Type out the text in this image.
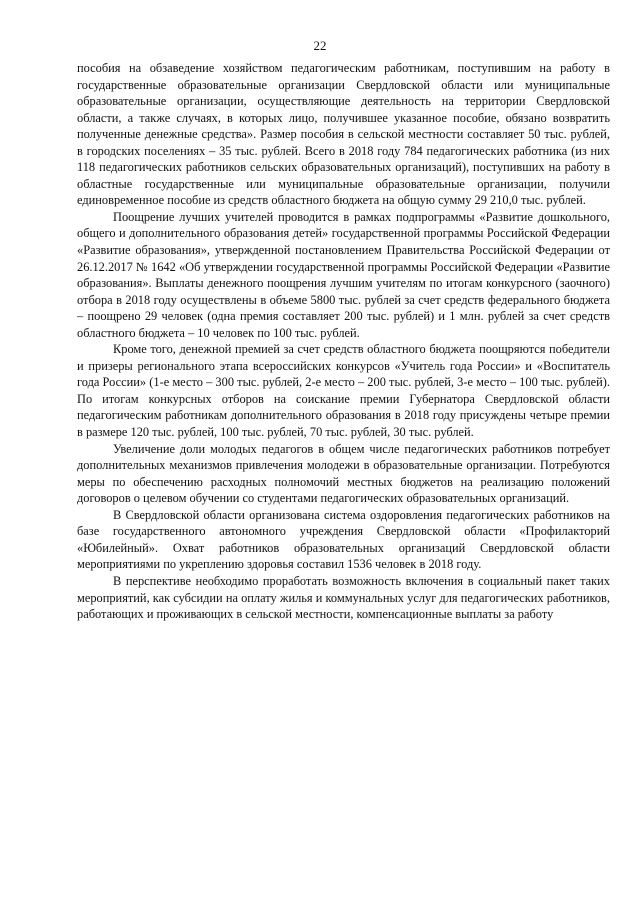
22

пособия на обзаведение хозяйством педагогическим работникам, поступившим на работу в государственные образовательные организации Свердловской области или муниципальные образовательные организации, осуществляющие деятельность на территории Свердловской области, а также случаях, в которых лицо, получившее указанное пособие, обязано возвратить полученные денежные средства». Размер пособия в сельской местности составляет 50 тыс. рублей, в городских поселениях – 35 тыс. рублей. Всего в 2018 году 784 педагогических работника (из них 118 педагогических работников сельских образовательных организаций), поступивших на работу в областные государственные или муниципальные образовательные организации, получили единовременное пособие из средств областного бюджета на общую сумму 29 210,0 тыс. рублей.

Поощрение лучших учителей проводится в рамках подпрограммы «Развитие дошкольного, общего и дополнительного образования детей» государственной программы Российской Федерации «Развитие образования», утвержденной постановлением Правительства Российской Федерации от 26.12.2017 № 1642 «Об утверждении государственной программы Российской Федерации «Развитие образования». Выплаты денежного поощрения лучшим учителям по итогам конкурсного (заочного) отбора в 2018 году осуществлены в объеме 5800 тыс. рублей за счет средств федерального бюджета – поощрено 29 человек (одна премия составляет 200 тыс. рублей) и 1 млн. рублей за счет средств областного бюджета – 10 человек по 100 тыс. рублей.

Кроме того, денежной премией за счет средств областного бюджета поощряются победители и призеры регионального этапа всероссийских конкурсов «Учитель года России» и «Воспитатель года России» (1-е место – 300 тыс. рублей, 2-е место – 200 тыс. рублей, 3-е место – 100 тыс. рублей). По итогам конкурсных отборов на соискание премии Губернатора Свердловской области педагогическим работникам дополнительного образования в 2018 году присуждены четыре премии в размере 120 тыс. рублей, 100 тыс. рублей, 70 тыс. рублей, 30 тыс. рублей.

Увеличение доли молодых педагогов в общем числе педагогических работников потребует дополнительных механизмов привлечения молодежи в образовательные организации. Потребуются меры по обеспечению расходных полномочий местных бюджетов на реализацию положений договоров о целевом обучении со студентами педагогических образовательных организаций.

В Свердловской области организована система оздоровления педагогических работников на базе государственного автономного учреждения Свердловской области «Профилакторий «Юбилейный». Охват работников образовательных организаций Свердловской области мероприятиями по укреплению здоровья составил 1536 человек в 2018 году.

В перспективе необходимо проработать возможность включения в социальный пакет таких мероприятий, как субсидии на оплату жилья и коммунальных услуг для педагогических работников, работающих и проживающих в сельской местности, компенсационные выплаты за работу
